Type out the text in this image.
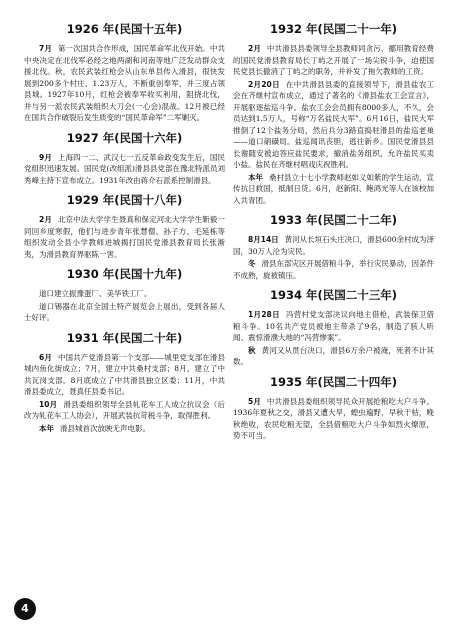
1926 年(民国十五年)

7月 第一次国共合作形成，国民革命军北伐开始。中共中央决定在北伐军必经之地两湖和河南等地广泛发动群众支援北伐。秋，农民武装红枪会从山东单县传入滑县，很快发展到200多个村庄、1.23万人，不断重创奉军，并三度占领县城。1927年10月，红枪会被奉军收买利用，阻挠北伐，并与另一派农民武装组织大刀会(一心会)混战。12月被已经在国共合作破裂后发生质变的“国民革命军”二军剿灭。

1927 年(民国十六年)

9月 上海四一二、武汉七一五反革命政变发生后，国民党组织迅速发展。国民党(改组派)滑县县党部在豫北特派员刘秀峰主持下宣布成立。1931年改由蒋介石派系控制滑县。

1929 年(民国十八年)

2月 北京中法大学学生聂真和保定河北大学学生靳毅一同回乡度寒假，他们与进步青年张慧僧、孙子方、毛延栋等组织发动全县小学教师进城揭打国民党滑县教育局长张渐夷，为滑县教育界驱陈一害。

1930 年(民国十九年)

道口建立振豫蛋厂、美华铁工厂。

道口锡器在北京全国土特产展览会上展出，受到各届人士好评。

1931 年(民国二十年)

6月 中国共产党滑县第一个支部——城里党支部在滑县城内鱼化街成立；7月，建立中共桑村支部；8月，建立了中共瓦岗支部。8月底成立了中共滑县独立区委；11月，中共滑县委成立，聂真任县委书记。

10月 滑县委组织领导全县轧花车工人成立抗议会（后改为轧花车工人协会），开展武装抗苛税斗争，取得胜利。

本年 滑县城首次放映无声电影。

1932 年(民国二十一年)

2月 中共滑县县委领导全县教师同贪污、挪用教育经费的国民党滑县教育局长丁屿之开展了一场尖锐斗争，迫使国民党县长撤消了丁屿之的职务，并补发了拖欠教师的工资。

2月20日 在中共滑县县委的直接领导下，滑县盐农工会在齐继村宣布成立，通过了著名的《滑县盐农工会宣言》，开展驱逐盐巡斗争。盐农工会会员拥有8000多人，不久，会员达到1.5万人，号称“万名盐民大军”。6月16日，盐民大军推倒了12个盐务分局，然后兵分3路直捣驻滑县的盐巡老巢——道口硝磺局。盐巡闻讯丧胆，逃往新乡。国民党滑县县长谢随安被迫答应盐民要求，撤消盐务组织，允许盐民买卖小盐。盐民在齐继村唱戏庆祝胜利。

本年 桑村县立十七小学教师赵如义如紫的学生运动，宣传抗日救国，抵制日货。6月，赵新阳、鲍鸿光等人在该校加入共青团。

1933 年(民国二十二年)

8月14日 黄河从长垣石头庄决口，滑县600余村成为泽国，30万人沦为灾民。

冬 滑县东部灾区开展借粮斗争，举行灾民暴动，因条件不成熟，旋被镇压。

1934 年(民国二十三年)

1月28日 冯营村党支部决议向地主借枪，武装保卫借粮斗争。10名共产党员被地主带杀了9名，制造了骇人听闻、震惊滑濮大地的“冯营惨案”。

秋 黄河又从贯台决口，滑县6万余户被淹，死者不计其数。

1935 年(民国二十四年)

5月 中共滑县县委组织领导民众开展抢粮吃大户斗争。1936年夏秋之交，滑县又遭大旱，蝗虫遍野，早秋干枯，晚秋绝收，农民吃粮无望，全县借粮吃大户斗争如烈火燎原，势不可当。

4
